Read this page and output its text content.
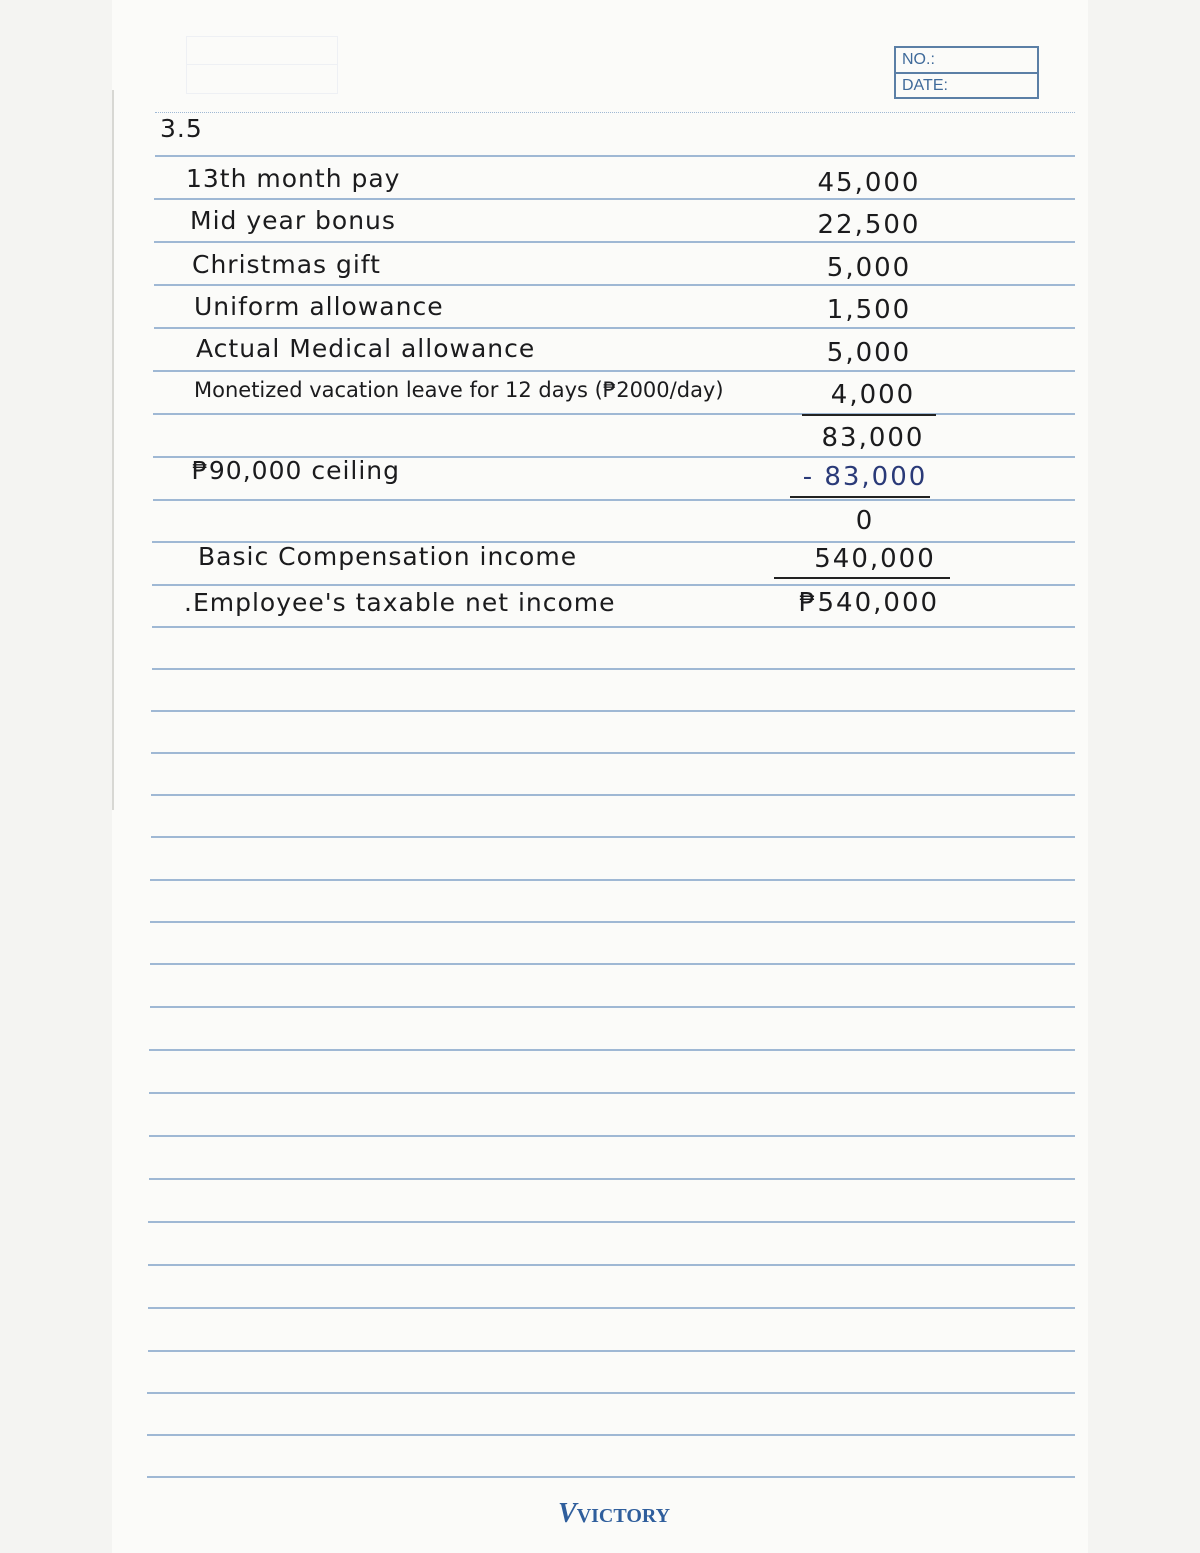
NO.:
DATE:
3.5
13th month pay	45,000
Mid year bonus	22,500
Christmas gift	5,000
Uniform allowance	1,500
Actual Medical allowance	5,000
Monetized vacation leave for 12 days (₱2000/day)	4,000
83,000
₱90,000 ceiling	- 83,000
0
Basic Compensation income	540,000
.Employee's taxable net income	₱540,000
VVICTORY
